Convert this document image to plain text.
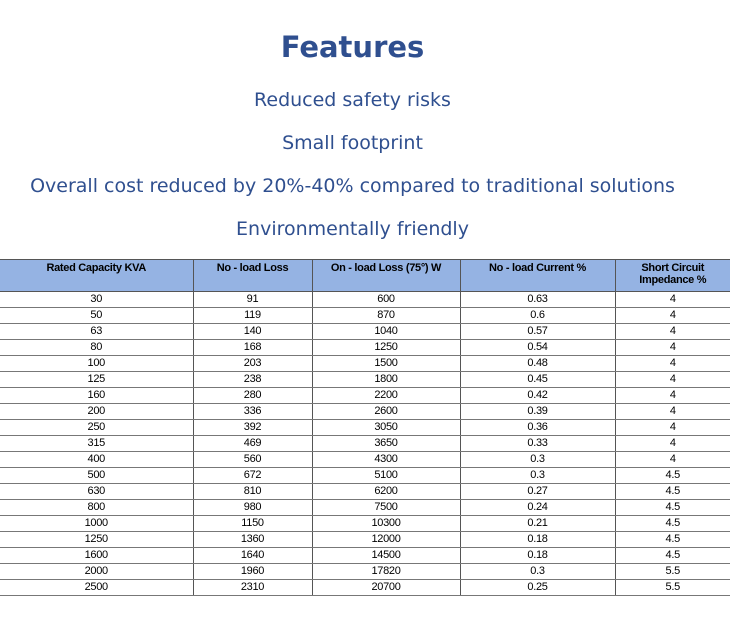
Features
Reduced safety risks
Small footprint
Overall cost reduced by 20%-40% compared to traditional solutions
Environmentally friendly
Rated Capacity KVA	No - load Loss	On - load Loss (75°) W	No - load Current %	Short Circuit Impedance %
30	91	600	0.63	4
50	119	870	0.6	4
63	140	1040	0.57	4
80	168	1250	0.54	4
100	203	1500	0.48	4
125	238	1800	0.45	4
160	280	2200	0.42	4
200	336	2600	0.39	4
250	392	3050	0.36	4
315	469	3650	0.33	4
400	560	4300	0.3	4
500	672	5100	0.3	4.5
630	810	6200	0.27	4.5
800	980	7500	0.24	4.5
1000	1150	10300	0.21	4.5
1250	1360	12000	0.18	4.5
1600	1640	14500	0.18	4.5
2000	1960	17820	0.3	5.5
2500	2310	20700	0.25	5.5
